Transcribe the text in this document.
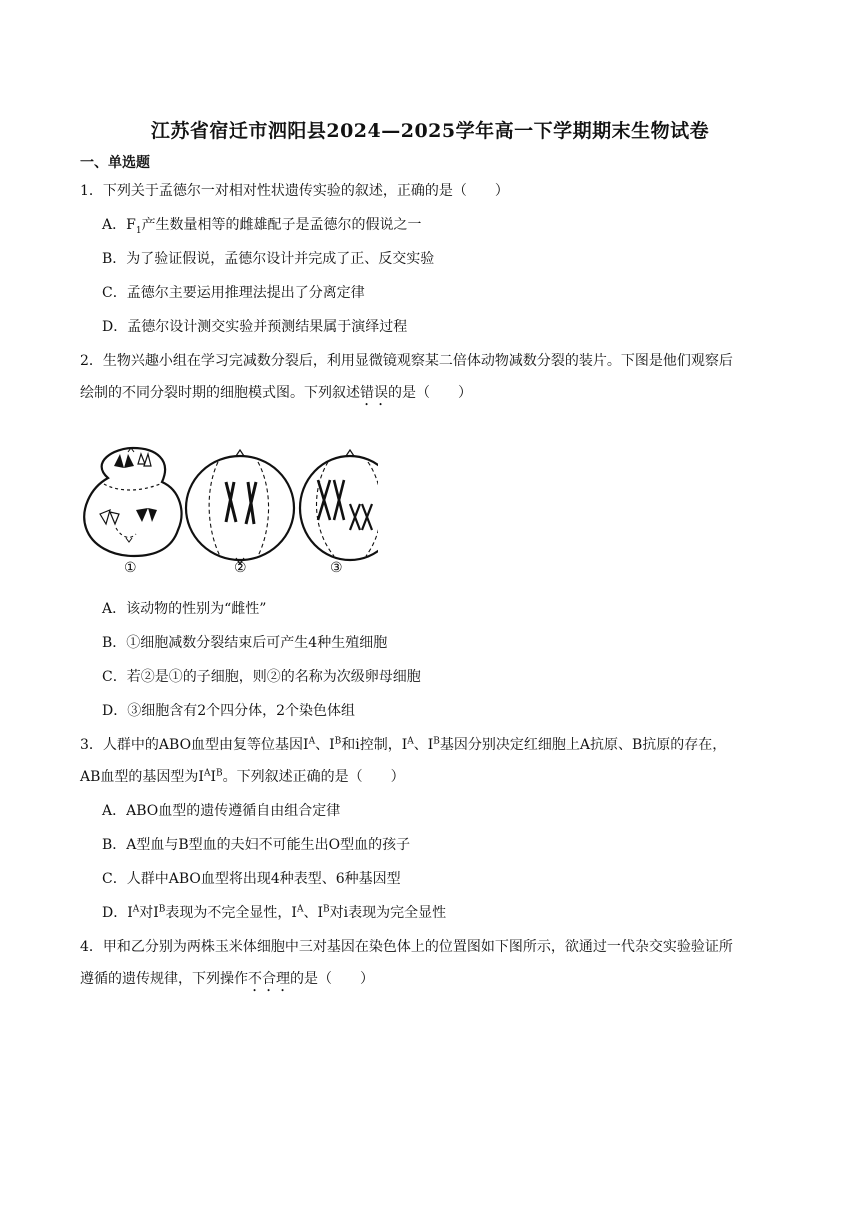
江苏省宿迁市泗阳县2024—2025学年高一下学期期末生物试卷
一、单选题
1．下列关于孟德尔一对相对性状遗传实验的叙述，正确的是（　　）
A．$F_1$产生数量相等的雌雄配子是孟德尔的假说之一
B．为了验证假说，孟德尔设计并完成了正、反交实验
C．孟德尔主要运用推理法提出了分离定律
D．孟德尔设计测交实验并预测结果属于演绎过程
2．生物兴趣小组在学习完减数分裂后，利用显微镜观察某二倍体动物减数分裂的装片。下图是他们观察后
绘制的不同分裂时期的细胞模式图。下列叙述错误的是（　　）
①	②	③
A．该动物的性别为“雌性”
B．①细胞减数分裂结束后可产生4种生殖细胞
C．若②是①的子细胞，则②的名称为次级卵母细胞
D．③细胞含有2个四分体，2个染色体组
3．人群中的ABO血型由复等位基因$I^A$、$I^B$和i控制，$I^A$、$I^B$基因分别决定红细胞上A抗原、B抗原的存在，
AB血型的基因型为$I^AI^B$。下列叙述正确的是（　　）
A．ABO血型的遗传遵循自由组合定律
B．A型血与B型血的夫妇不可能生出O型血的孩子
C．人群中ABO血型将出现4种表型、6种基因型
D．$I^A$对$I^B$表现为不完全显性，$I^A$、$I^B$对i表现为完全显性
4．甲和乙分别为两株玉米体细胞中三对基因在染色体上的位置图如下图所示，欲通过一代杂交实验验证所
遵循的遗传规律，下列操作不合理的是（　　）
